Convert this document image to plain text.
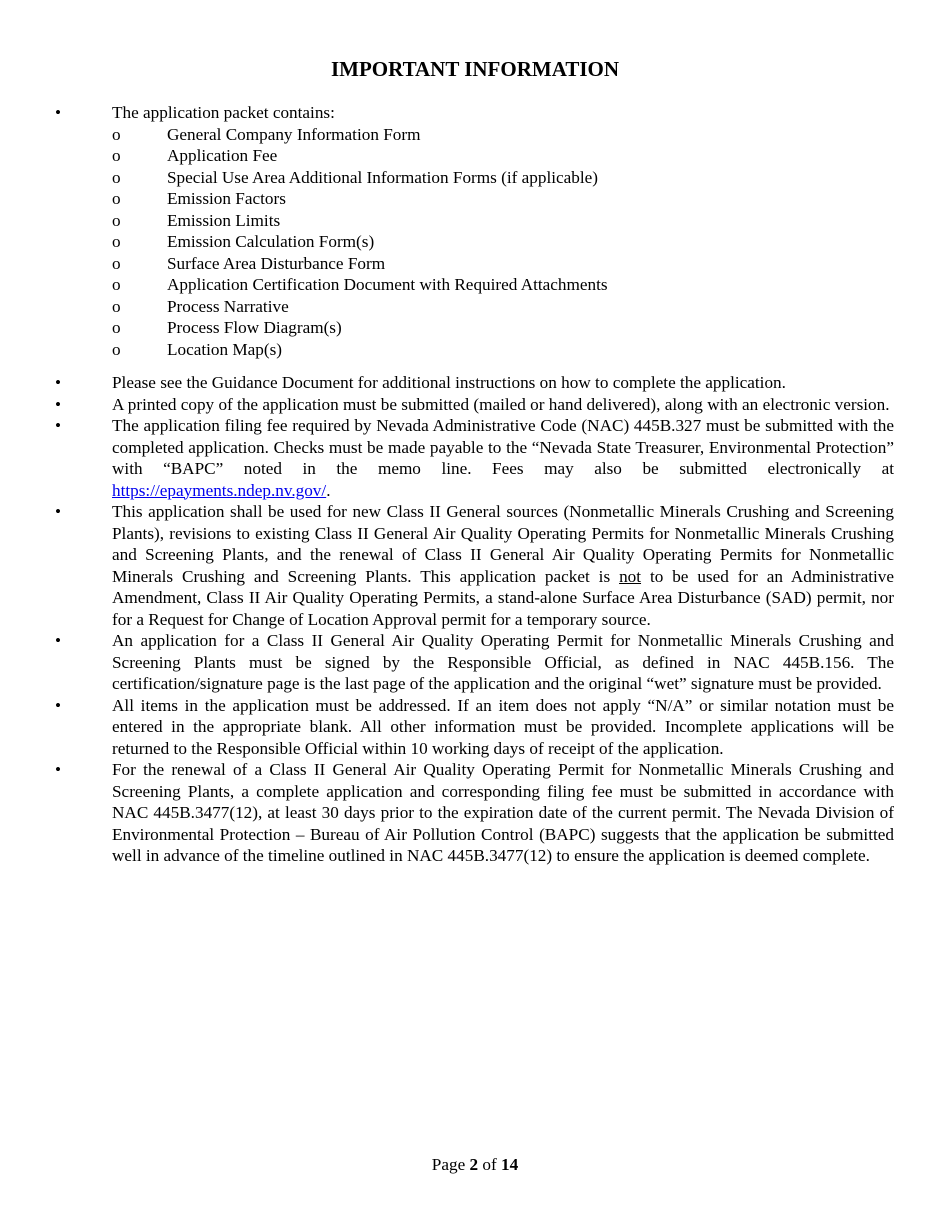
IMPORTANT INFORMATION
•	The application packet contains:
o	General Company Information Form
o	Application Fee
o	Special Use Area Additional Information Forms (if applicable)
o	Emission Factors
o	Emission Limits
o	Emission Calculation Form(s)
o	Surface Area Disturbance Form
o	Application Certification Document with Required Attachments
o	Process Narrative
o	Process Flow Diagram(s)
o	Location Map(s)
•	Please see the Guidance Document for additional instructions on how to complete the application.
•	A printed copy of the application must be submitted (mailed or hand delivered), along with an electronic version.
•	The application filing fee required by Nevada Administrative Code (NAC) 445B.327 must be submitted with the completed application. Checks must be made payable to the “Nevada State Treasurer, Environmental Protection” with “BAPC” noted in the memo line. Fees may also be submitted electronically at https://epayments.ndep.nv.gov/.
•	This application shall be used for new Class II General sources (Nonmetallic Minerals Crushing and Screening Plants), revisions to existing Class II General Air Quality Operating Permits for Nonmetallic Minerals Crushing and Screening Plants, and the renewal of Class II General Air Quality Operating Permits for Nonmetallic Minerals Crushing and Screening Plants. This application packet is not to be used for an Administrative Amendment, Class II Air Quality Operating Permits, a stand-alone Surface Area Disturbance (SAD) permit, nor for a Request for Change of Location Approval permit for a temporary source.
•	An application for a Class II General Air Quality Operating Permit for Nonmetallic Minerals Crushing and Screening Plants must be signed by the Responsible Official, as defined in NAC 445B.156. The certification/signature page is the last page of the application and the original “wet” signature must be provided.
•	All items in the application must be addressed. If an item does not apply “N/A” or similar notation must be entered in the appropriate blank. All other information must be provided. Incomplete applications will be returned to the Responsible Official within 10 working days of receipt of the application.
•	For the renewal of a Class II General Air Quality Operating Permit for Nonmetallic Minerals Crushing and Screening Plants, a complete application and corresponding filing fee must be submitted in accordance with NAC 445B.3477(12), at least 30 days prior to the expiration date of the current permit. The Nevada Division of Environmental Protection – Bureau of Air Pollution Control (BAPC) suggests that the application be submitted well in advance of the timeline outlined in NAC 445B.3477(12) to ensure the application is deemed complete.
Page 2 of 14
